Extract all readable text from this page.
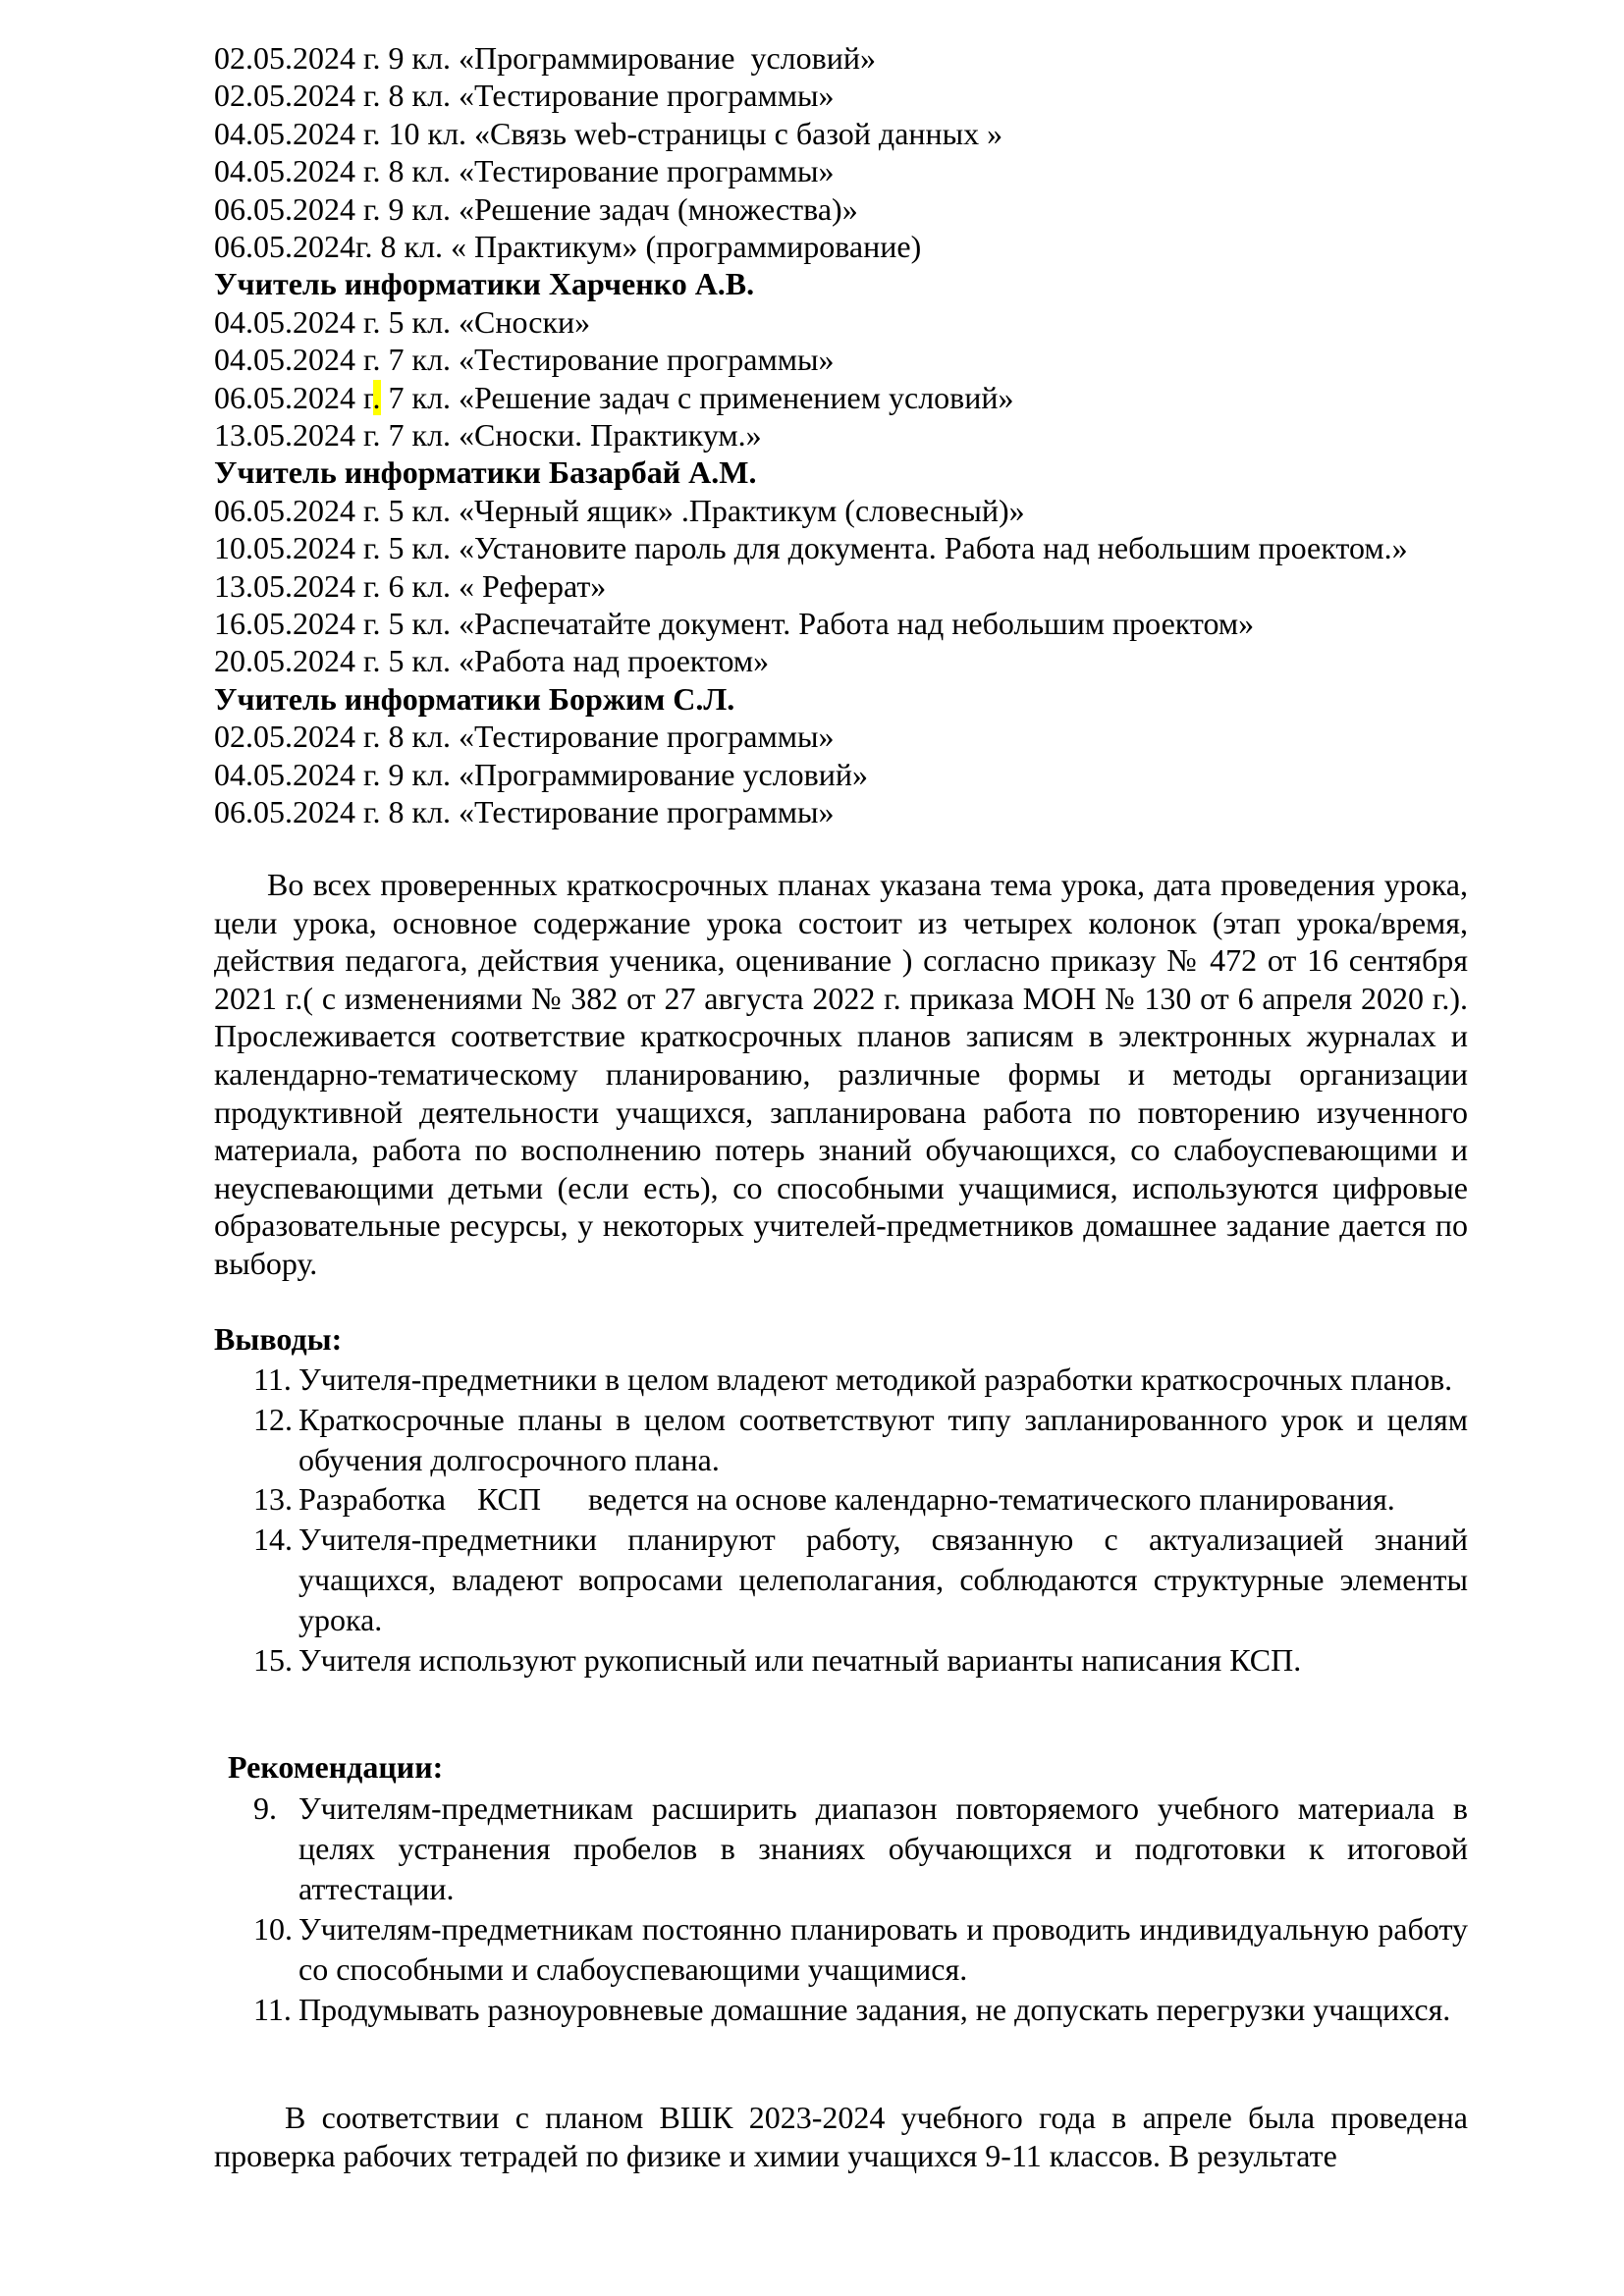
02.05.2024 г. 9 кл. «Программирование  условий»
02.05.2024 г. 8 кл. «Тестирование программы»
04.05.2024 г. 10 кл. «Связь web-страницы с базой данных »
04.05.2024 г. 8 кл. «Тестирование программы»
06.05.2024 г. 9 кл. «Решение задач (множества)»
06.05.2024г. 8 кл. « Практикум» (программирование)
Учитель информатики Харченко А.В.
04.05.2024 г. 5 кл. «Сноски»
04.05.2024 г. 7 кл. «Тестирование программы»
06.05.2024 г. 7 кл. «Решение задач с применением условий»
13.05.2024 г. 7 кл. «Сноски. Практикум.»
Учитель информатики Базарбай А.М.
06.05.2024 г. 5 кл. «Черный ящик» .Практикум (словесный)»
10.05.2024 г. 5 кл. «Установите пароль для документа. Работа над небольшим проектом.»
13.05.2024 г. 6 кл. « Реферат»
16.05.2024 г. 5 кл. «Распечатайте документ. Работа над небольшим проектом»
20.05.2024 г. 5 кл. «Работа над проектом»
Учитель информатики Боржим С.Л.
02.05.2024 г. 8 кл. «Тестирование программы»
04.05.2024 г. 9 кл. «Программирование условий»
06.05.2024 г. 8 кл. «Тестирование программы»

Во всех проверенных краткосрочных планах указана тема урока, дата проведения урока, цели урока, основное содержание урока состоит из четырех колонок (этап урока/время, действия педагога, действия ученика, оценивание ) согласно приказу № 472 от 16 сентября 2021 г.( с изменениями № 382 от 27 августа 2022 г. приказа МОН № 130 от 6 апреля 2020 г.). Прослеживается соответствие краткосрочных планов записям в электронных журналах и календарно-тематическому планированию, различные формы и методы организации продуктивной деятельности учащихся, запланирована работа по повторению изученного материала, работа по восполнению потерь знаний обучающихся, со слабоуспевающими и неуспевающими детьми (если есть), со способными учащимися, используются цифровые образовательные ресурсы, у некоторых учителей-предметников домашнее задание дается по выбору.

Выводы:
11. Учителя-предметники в целом владеют методикой разработки краткосрочных планов.
12. Краткосрочные планы в целом соответствуют типу запланированного урок и целям обучения долгосрочного плана.
13. Разработка    КСП      ведется на основе календарно-тематического планирования.
14. Учителя-предметники планируют работу, связанную с актуализацией знаний учащихся, владеют вопросами целеполагания, соблюдаются структурные элементы урока.
15. Учителя используют рукописный или печатный варианты написания КСП.
Рекомендации:
9. Учителям-предметникам расширить диапазон повторяемого учебного материала в целях устранения пробелов в знаниях обучающихся и подготовки к итоговой аттестации.
10. Учителям-предметникам постоянно планировать и проводить индивидуальную работу со способными и слабоуспевающими учащимися.
11. Продумывать разноуровневые домашние задания, не допускать перегрузки учащихся.

В соответствии с планом ВШК 2023-2024 учебного года в апреле была проведена проверка рабочих тетрадей по физике и химии учащихся 9-11 классов. В результате
